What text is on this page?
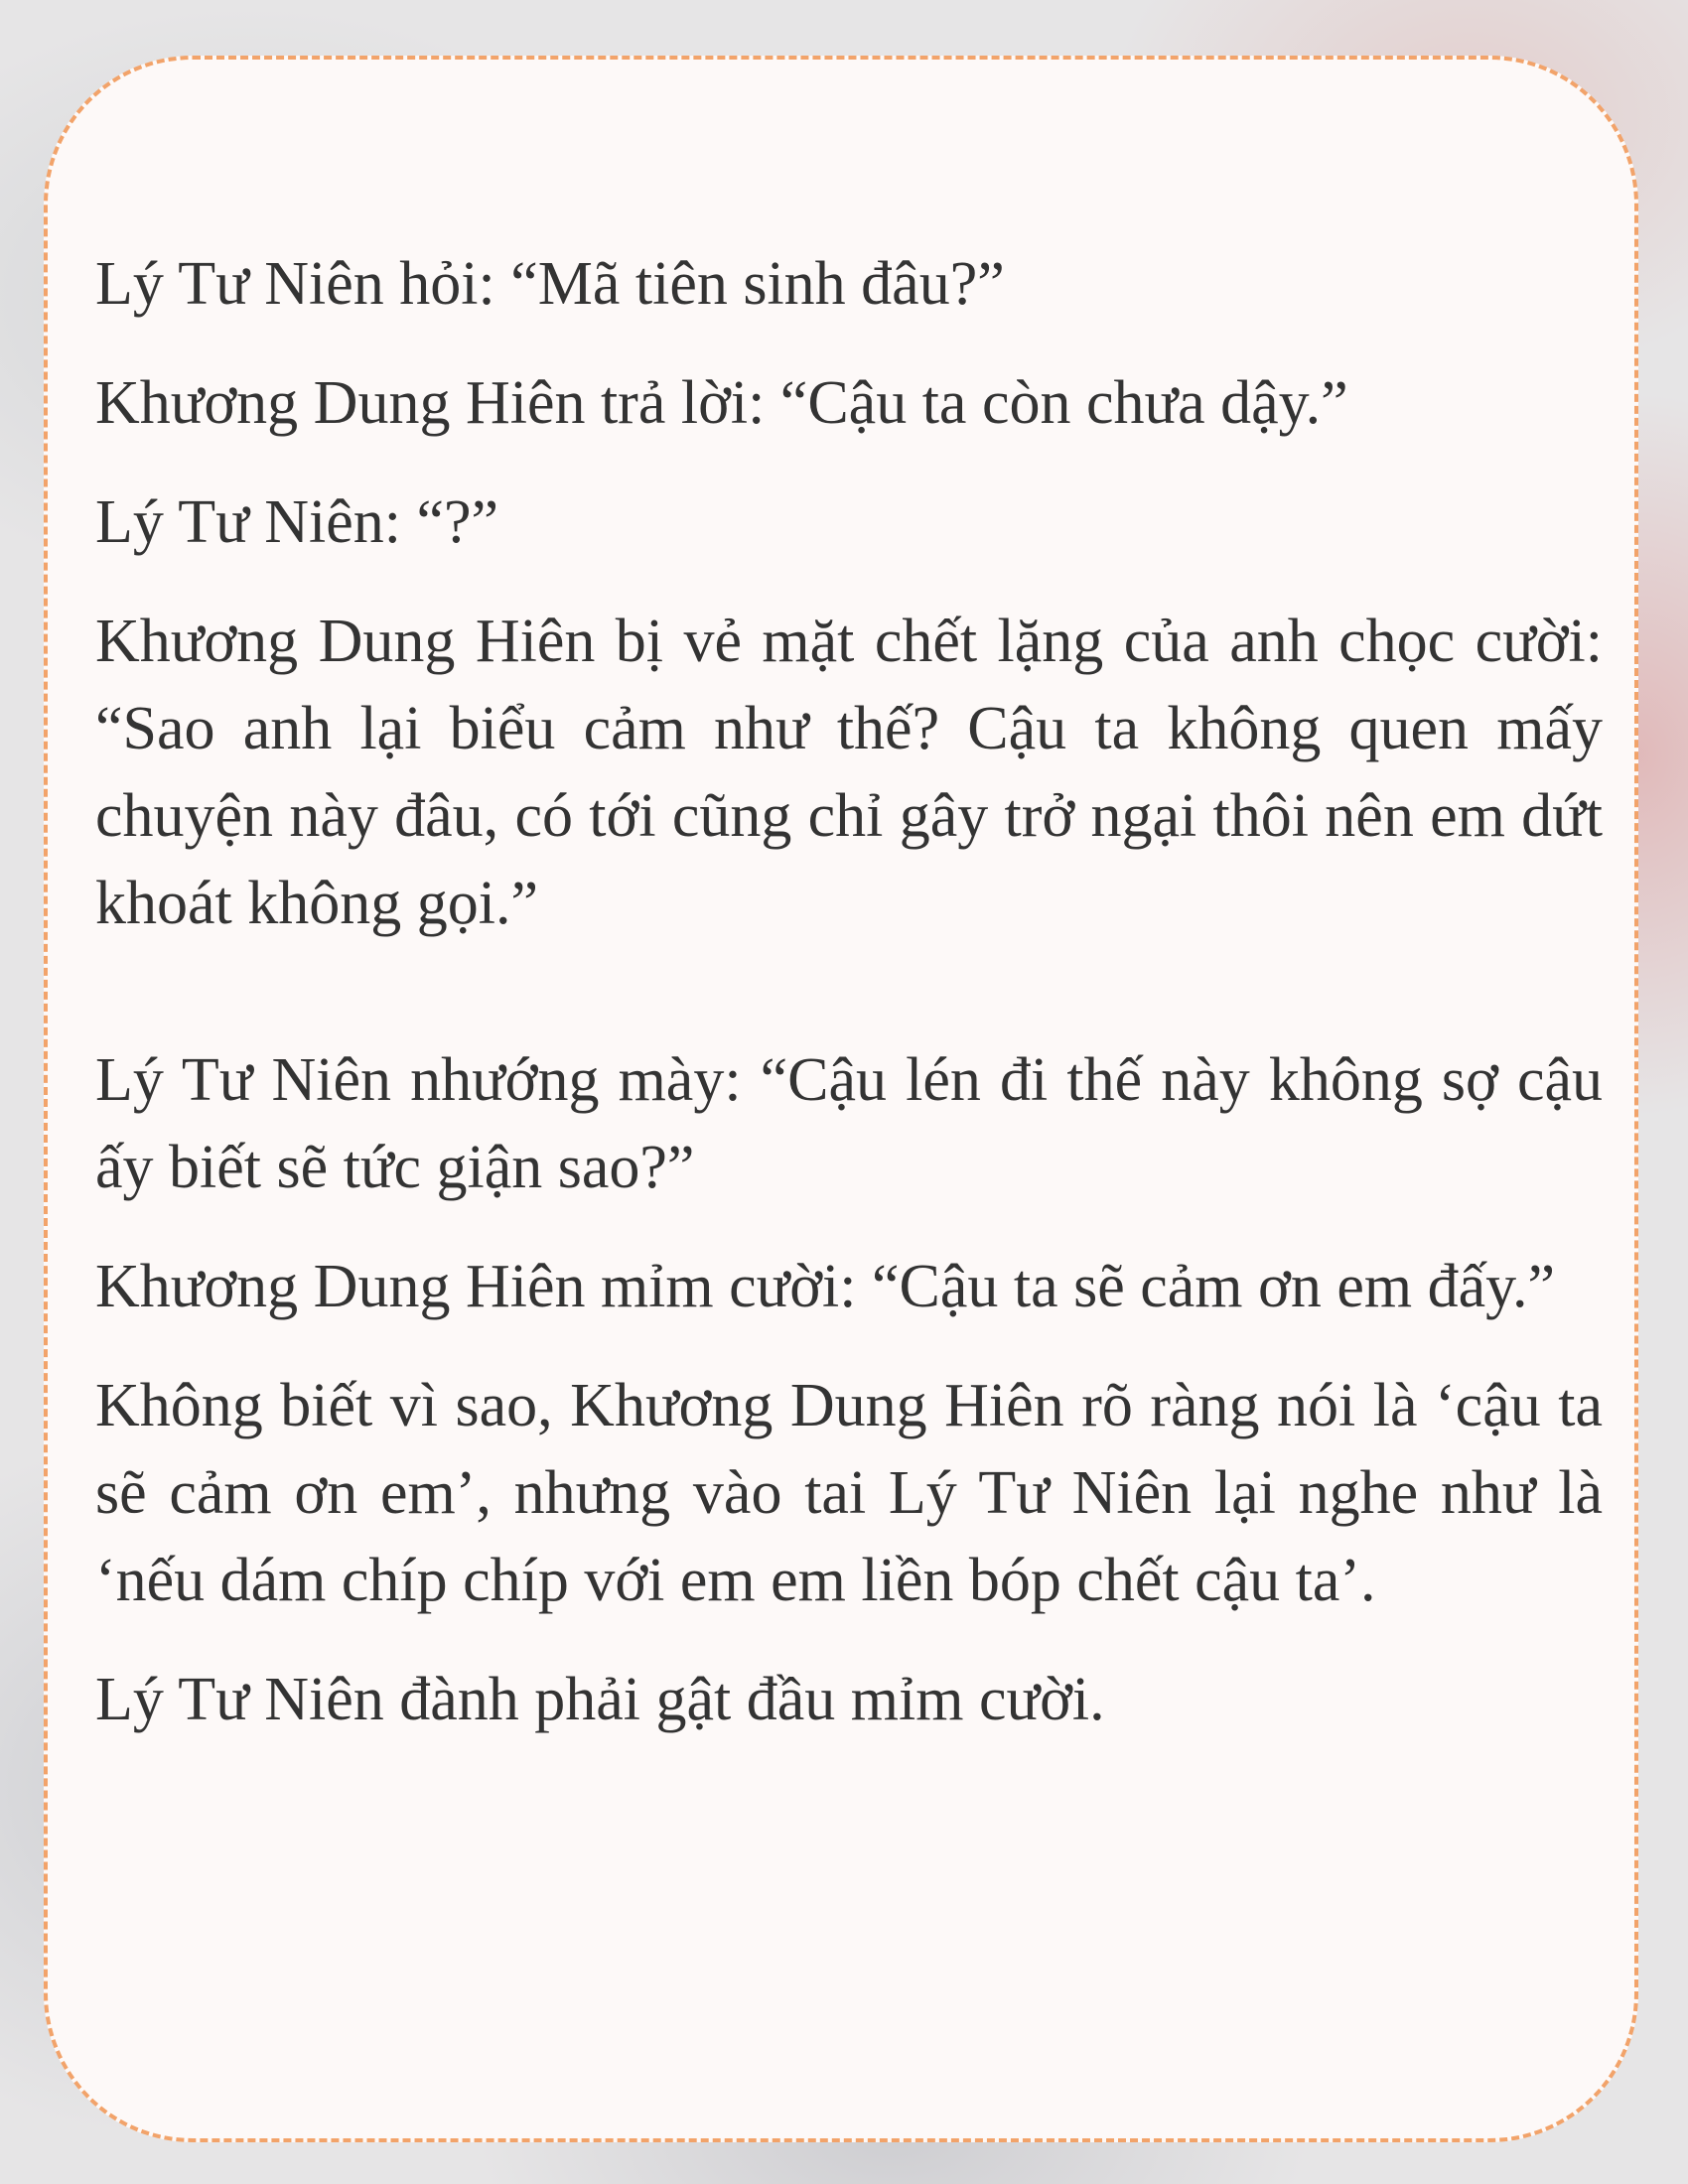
Lý Tư Niên hỏi: “Mã tiên sinh đâu?”

Khương Dung Hiên trả lời: “Cậu ta còn chưa dậy.”

Lý Tư Niên: “?”

Khương Dung Hiên bị vẻ mặt chết lặng của anh chọc cười: “Sao anh lại biểu cảm như thế? Cậu ta không quen mấy chuyện này đâu, có tới cũng chỉ gây trở ngại thôi nên em dứt khoát không gọi.”

Lý Tư Niên nhướng mày: “Cậu lén đi thế này không sợ cậu ấy biết sẽ tức giận sao?”

Khương Dung Hiên mỉm cười: “Cậu ta sẽ cảm ơn em đấy.”

Không biết vì sao, Khương Dung Hiên rõ ràng nói là ‘cậu ta sẽ cảm ơn em’, nhưng vào tai Lý Tư Niên lại nghe như là ‘nếu dám chíp chíp với em em liền bóp chết cậu ta’.

Lý Tư Niên đành phải gật đầu mỉm cười.
